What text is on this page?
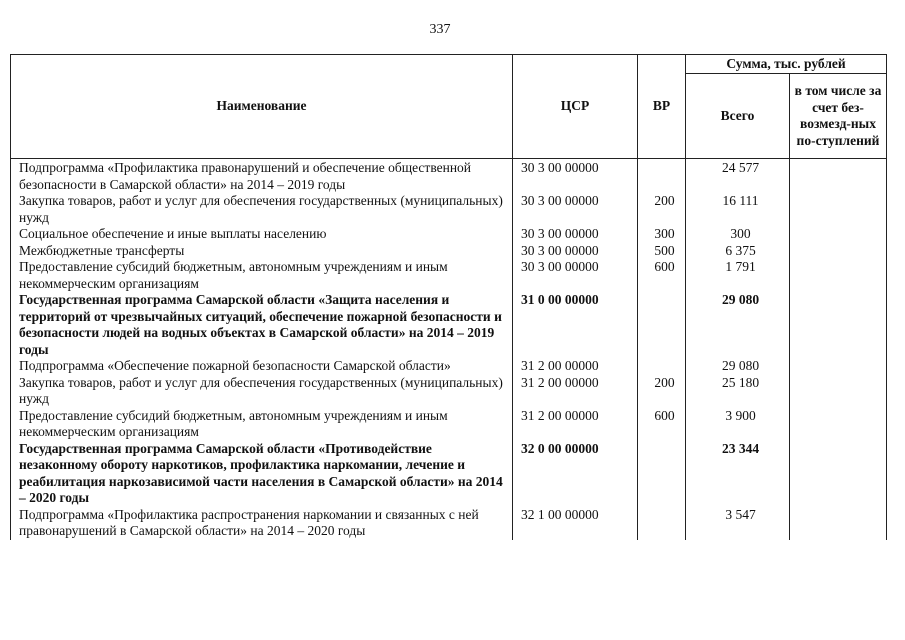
337
Наименование	ЦСР	ВР	Сумма, тыс. рублей	
			Всего	в том числе за счет без-возмезд-ных по-ступлений
Подпрограмма «Профилактика правонарушений и обеспечение общественной безопасности в Самарской области» на 2014 – 2019 годы	30 3 00 00000		24 577	
Закупка товаров, работ и услуг для обеспечения государственных (муниципальных) нужд	30 3 00 00000	200	16 111	
Социальное обеспечение и иные выплаты населению	30 3 00 00000	300	300	
Межбюджетные трансферты	30 3 00 00000	500	6 375	
Предоставление субсидий бюджетным, автономным учреждениям и иным некоммерческим организациям	30 3 00 00000	600	1 791	
Государственная программа Самарской области «Защита населения и территорий от чрезвычайных ситуаций, обеспечение пожарной безопасности и безопасности людей на водных объектах в Самарской области» на 2014 – 2019 годы	31 0 00 00000		29 080	
Подпрограмма «Обеспечение пожарной безопасности Самарской области»	31 2 00 00000		29 080	
Закупка товаров, работ и услуг для обеспечения государственных (муниципальных) нужд	31 2 00 00000	200	25 180	
Предоставление субсидий бюджетным, автономным учреждениям и иным некоммерческим организациям	31 2 00 00000	600	3 900	
Государственная программа Самарской области «Противодействие незаконному обороту наркотиков, профилактика наркомании, лечение и реабилитация наркозависимой части населения в Самарской области» на 2014 – 2020 годы	32 0 00 00000		23 344	
Подпрограмма «Профилактика распространения наркомании и связанных с ней правонарушений в Самарской области» на 2014 – 2020 годы	32 1 00 00000		3 547	
